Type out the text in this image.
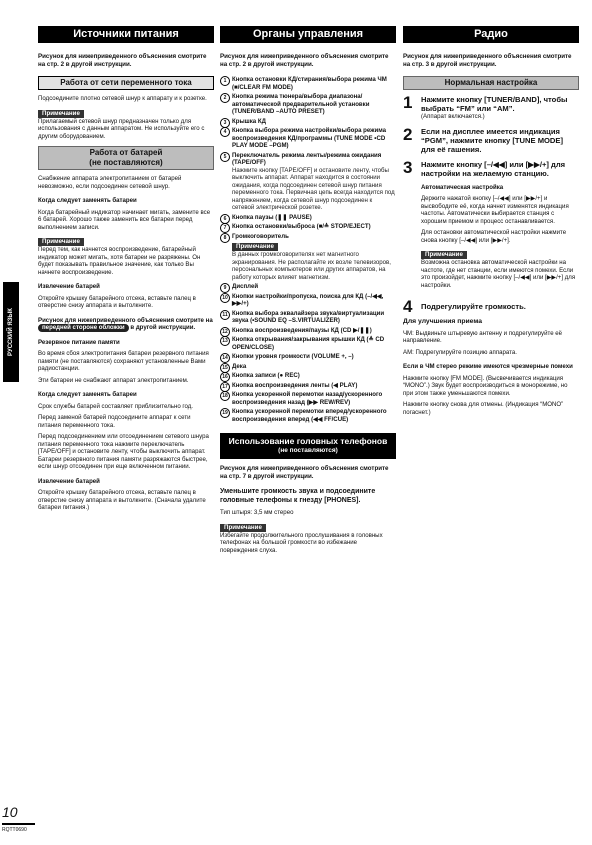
РУССКИЙ ЯЗЫК
10
RQTT0690
Источники питания

Рисунок для нижеприведенного объяснения смотрите на стр. 2 в другой инструкции.

Работа от сети переменного тока

Подсоедините плотно сетевой шнур к аппарату и к розетке.

Примечание

Прилагаемый сетевой шнур предназначен только для использования с данным аппаратом. Не используйте его с другим оборудованием.

Работа от батарей
(не поставляются)

Снабжение аппарата электропитанием от батарей невозможно, если подсоединен сетевой шнур.

Когда следует заменять батареи

Когда батарейный индикатор начинает мигать, замените все 6 батарей. Хорошо также заменить все батареи перед выполнением записи.

Примечание

Перед тем, как начнется воспроизведение, батарейный индикатор может мигать, хотя батареи не разряжены. Он будет показывать правильное значение, как только Вы начнете воспроизведение.

Извлечение батарей

Откройте крышку батарейного отсека, вставьте палец в отверстие снизу аппарата и вытолкните.

Рисунок для нижеприведенного объяснения смотрите на передней стороне обложки в другой инструкции.

Резервное питание памяти

Во время сбоя электропитания батареи резервного питания памяти (не поставляются) сохраняют установленные Вами радиостанции.

Эти батареи не снабжают аппарат электропитанием.

Когда следует заменять батареи

Срок службы батарей составляет приблизительно год.

Перед заменой батарей подсоедините аппарат к сети питания переменного тока.

Перед подсоединением или отсоединением сетевого шнура питания переменного тока нажмите переключатель [TAPE/OFF] и остановите ленту, чтобы выключить аппарат. Батареи резервного питания памяти разряжаются быстрее, если шнур отсоединен при еще включенном питании.

Извлечение батарей

Откройте крышку батарейного отсека, вставьте палец в отверстие снизу аппарата и вытолкните. (Сначала удалите батареи питания.)

Органы управления

Рисунок для нижеприведенного объяснения смотрите на стр. 2 в другой инструкции.

1 Кнопка остановки КД/стирания/выбора режима ЧМ (■/CLEAR FM MODE)
2 Кнопка режима тюнера/выбора диапазона/автоматической предварительной установки (TUNER/BAND –AUTO PRESET)
3 Крышка КД
4 Кнопка выбора режима настройки/выбора режима воспроизведения КД/программы (TUNE MODE •CD PLAY MODE –PGM)
5 Переключатель режима ленты/режима ожидания (TAPE/OFF)
Нажмите кнопку [TAPE/OFF] и остановите ленту, чтобы выключить аппарат. Аппарат находится в состоянии ожидания, когда подсоединен сетевой шнур питания переменного тока. Первичная цепь всегда находится под напряжением, когда сетевой шнур подсоединен к сетевой электрической розетке.
6 Кнопка паузы (❚❚ PAUSE)
7 Кнопка остановки/выброса (■/≜ STOP/EJECT)
8 Громкоговоритель
Примечание
В данных громкоговорителях нет магнитного экранирования. Не располагайте их возле телевизоров, персональных компьютеров или других аппаратов, на работу которых влияет магнетизм.
9 Дисплей
10 Кнопки настройки/пропуска, поиска для КД (–/◀◀, ▶▶/+)
11 Кнопка выбора эквалайзера звука/виртуализации звука (•SOUND EQ –S.VIRTUALIZER)
12 Кнопка воспроизведения/паузы КД (CD ▶/❚❚)
13 Кнопка открывания/закрывания крышки КД (≜ CD OPEN/CLOSE)
14 Кнопки уровня громкости (VOLUME +, –)
15 Дека
16 Кнопка записи (● REC)
17 Кнопка воспроизведения ленты (◀ PLAY)
18 Кнопка ускоренной перемотки назад/ускоренного воспроизведения назад (▶▶ REW/REV)
19 Кнопка ускоренной перемотки вперед/ускоренного воспроизведения вперед (◀◀ FF/CUE)
Использование головных телефонов
(не поставляются)

Рисунок для нижеприведенного объяснения смотрите на стр. 7 в другой инструкции.

Уменьшите громкость звука и подсоедините головные телефоны к гнезду [PHONES].

Тип штыря: 3,5 мм стерео

Примечание

Избегайте продолжительного прослушивания в головных телефонах на большой громкости во избежание повреждения слуха.

Радио

Рисунок для нижеприведенного объяснения смотрите на стр. 3 в другой инструкции.

Нормальная настройка
1 Нажмите кнопку [TUNER/BAND], чтобы выбрать “FM” или “AM”.
(Аппарат включается.)
2 Если на дисплее имеется индикация “PGM”, нажмите кнопку [TUNE MODE] для её гашения.
3 Нажмите кнопку [–/◀◀] или [▶▶/+] для настройки на желаемую станцию.

Автоматическая настройка

Держите нажатой кнопку [–/◀◀] или [▶▶/+] и высвободите её, когда начнет изменятся индикация частоты. Автоматически выбирается станция с хорошим приемом и процесс останавливается.

Для остановки автоматической настройки нажмите снова кнопку [–/◀◀] или [▶▶/+].

Примечание

Возможна остановка автоматической настройки на частоте, где нет станции, если имеются помехи. Если это произойдет, нажмите кнопку [–/◀◀] или [▶▶/+] для настройки.

4 Подрегулируйте громкость.

Для улучшения приема

ЧМ: Выдвиньте штыревую антенну и подрегулируйте её направление.

АМ: Подрегулируйте позицию аппарата.

Если в ЧМ стерео режиме имеются чрезмерные помехи

Нажмите кнопку [FM MODE]. (Высвечивается индикация “MONO”.) Звук будет воспроизводиться в монорежиме, но при этом также уменьшаются помехи.

Нажмите кнопку снова для отмены. (Индикация “MONO” погаснет.)
